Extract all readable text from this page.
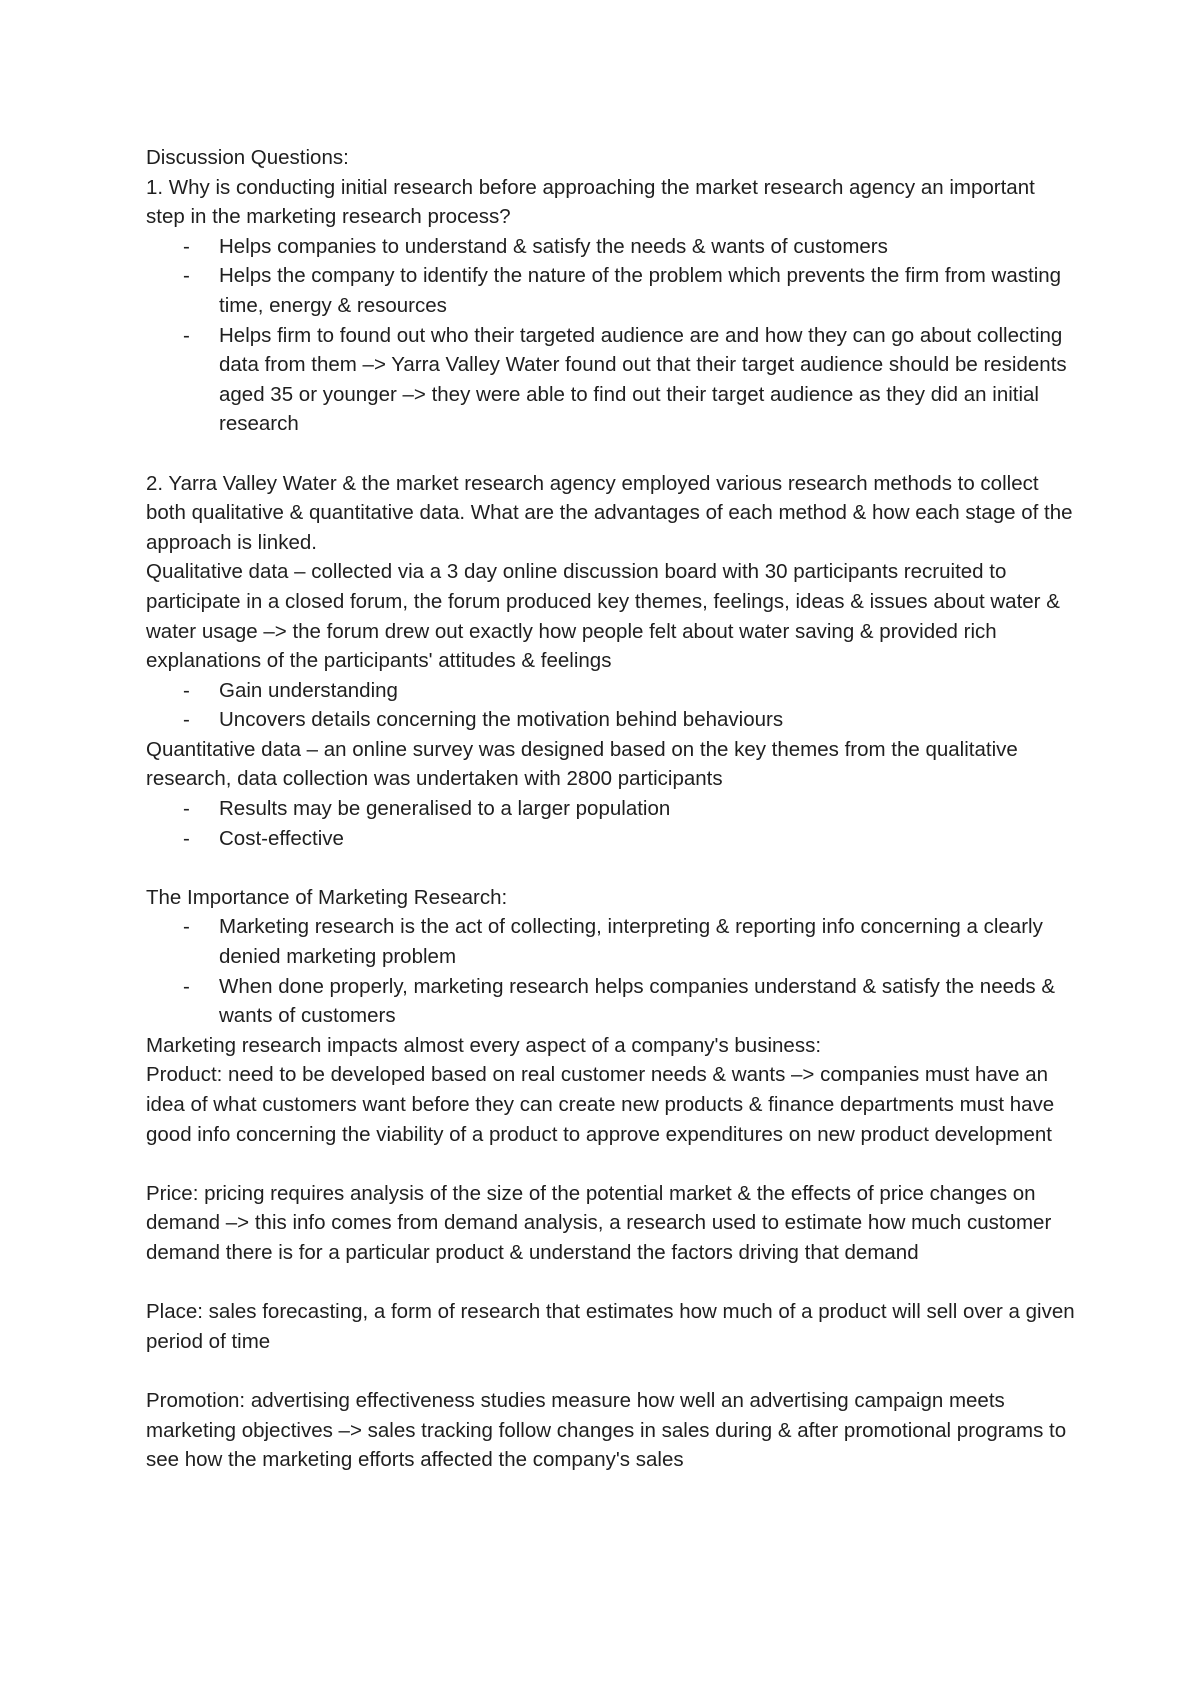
Discussion Questions:

1. Why is conducting initial research before approaching the market research agency an important step in the marketing research process?

- Helps companies to understand & satisfy the needs & wants of customers
- Helps the company to identify the nature of the problem which prevents the firm from wasting time, energy & resources
- Helps firm to found out who their targeted audience are and how they can go about collecting data from them –> Yarra Valley Water found out that their target audience should be residents aged 35 or younger –> they were able to find out their target audience as they did an initial research

2. Yarra Valley Water & the market research agency employed various research methods to collect both qualitative & quantitative data. What are the advantages of each method & how each stage of the approach is linked.

Qualitative data – collected via a 3 day online discussion board with 30 participants recruited to participate in a closed forum, the forum produced key themes, feelings, ideas & issues about water & water usage –> the forum drew out exactly how people felt about water saving & provided rich explanations of the participants' attitudes & feelings

- Gain understanding
- Uncovers details concerning the motivation behind behaviours

Quantitative data – an online survey was designed based on the key themes from the qualitative research, data collection was undertaken with 2800 participants

- Results may be generalised to a larger population
- Cost-effective

The Importance of Marketing Research:

- Marketing research is the act of collecting, interpreting & reporting info concerning a clearly denied marketing problem
- When done properly, marketing research helps companies understand & satisfy the needs & wants of customers

Marketing research impacts almost every aspect of a company's business:

Product: need to be developed based on real customer needs & wants –> companies must have an idea of what customers want before they can create new products & finance departments must have good info concerning the viability of a product to approve expenditures on new product development

Price: pricing requires analysis of the size of the potential market & the effects of price changes on demand –> this info comes from demand analysis, a research used to estimate how much customer demand there is for a particular product & understand the factors driving that demand

Place: sales forecasting, a form of research that estimates how much of a product will sell over a given period of time

Promotion: advertising effectiveness studies measure how well an advertising campaign meets marketing objectives –> sales tracking follow changes in sales during & after promotional programs to see how the marketing efforts affected the company's sales
